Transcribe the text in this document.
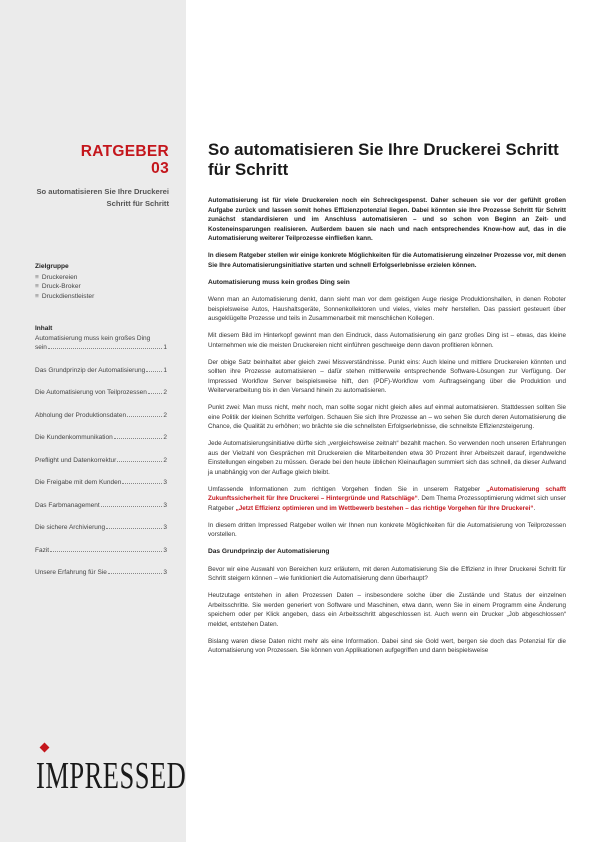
RATGEBER
03
So automatisieren Sie Ihre Druckerei Schritt für Schritt
Zielgruppe
≡ Druckereien
≡ Druck-Broker
≡ Druckdienstleister
Inhalt
Automatisierung muss kein großes Ding
sein	1
Das Grundprinzip der Automatisierung	1
Die Automatisierung von Teilprozessen	2
Abholung der Produktionsdaten	2
Die Kundenkommunikation	2
Preflight und Datenkorrektur	2
Die Freigabe mit dem Kunden	3
Das Farbmanagement	3
Die sichere Archivierung	3
Fazit	3
Unsere Erfahrung für Sie	3
IMPRESSED
So automatisieren Sie Ihre Druckerei Schritt für Schritt

Automatisierung ist für viele Druckereien noch ein Schreckgespenst. Daher scheuen sie vor der gefühlt großen Aufgabe zurück und lassen somit hohes Effizienzpotenzial liegen. Dabei könnten sie Ihre Prozesse Schritt für Schritt zunächst standardisieren und im Anschluss automatisieren – und so schon von Beginn an Zeit- und Kosteneinsparungen realisieren. Außerdem bauen sie nach und nach entsprechendes Know-how auf, das in die Automatisierung weiterer Teilprozesse einfließen kann.

In diesem Ratgeber stellen wir einige konkrete Möglichkeiten für die Automatisierung einzelner Prozesse vor, mit denen Sie Ihre Automatisierungsinitiative starten und schnell Erfolgserlebnisse erzielen können.

Automatisierung muss kein großes Ding sein

Wenn man an Automatisierung denkt, dann sieht man vor dem geistigen Auge riesige Produktionshallen, in denen Roboter beispielsweise Autos, Haushaltsgeräte, Sonnenkollektoren und vieles, vieles mehr herstellen. Das passiert gesteuert über ausgeklügelte Prozesse und teils in Zusammenarbeit mit menschlichen Kollegen.

Mit diesem Bild im Hinterkopf gewinnt man den Eindruck, dass Automatisierung ein ganz großes Ding ist – etwas, das kleine Unternehmen wie die meisten Druckereien nicht einführen geschweige denn davon profitieren können.

Der obige Satz beinhaltet aber gleich zwei Missverständnisse. Punkt eins: Auch kleine und mittlere Druckereien könnten und sollten ihre Prozesse automatisieren – dafür stehen mittlerweile entsprechende Software-Lösungen zur Verfügung. Der Impressed Workflow Server beispielsweise hilft, den (PDF)-Workflow vom Auftragseingang über die Produktion und Weiterverarbeitung bis in den Versand hinein zu automatisieren.

Punkt zwei: Man muss nicht, mehr noch, man sollte sogar nicht gleich alles auf einmal automatisieren. Stattdessen sollten Sie eine Politik der kleinen Schritte verfolgen. Schauen Sie sich Ihre Prozesse an – wo sehen Sie durch deren Automatisierung die Chance, die Qualität zu erhöhen; wo brächte sie die schnellsten Erfolgserlebnisse, die schnellste Effizienzsteigerung.

Jede Automatisierungsinitiative dürfte sich „vergleichsweise zeitnah“ bezahlt machen. So verwenden noch unseren Erfahrungen aus der Vielzahl von Gesprächen mit Druckereien die Mitarbeitenden etwa 30 Prozent ihrer Arbeitszeit darauf, irgendwelche Einstellungen eingeben zu müssen. Gerade bei den heute üblichen Kleinauflagen summiert sich das schnell, da dieser Aufwand ja unabhängig von der Auflage gleich bleibt.

Umfassende Informationen zum richtigen Vorgehen finden Sie in unserem Ratgeber „Automatisierung schafft Zukunftssicherheit für Ihre Druckerei – Hintergründe und Ratschläge“. Dem Thema Prozessoptimierung widmet sich unser Ratgeber „Jetzt Effizienz optimieren und im Wettbewerb bestehen – das richtige Vorgehen für Ihre Druckerei“.

In diesem dritten Impressed Ratgeber wollen wir Ihnen nun konkrete Möglichkeiten für die Automatisierung von Teilprozessen vorstellen.

Das Grundprinzip der Automatisierung

Bevor wir eine Auswahl von Bereichen kurz erläutern, mit deren Automatisierung Sie die Effizienz in Ihrer Druckerei Schritt für Schritt steigern können – wie funktioniert die Automatisierung denn überhaupt?

Heutzutage entstehen in allen Prozessen Daten – insbesondere solche über die Zustände und Status der einzelnen Arbeitsschritte. Sie werden generiert von Software und Maschinen, etwa dann, wenn Sie in einem Programm eine Änderung speichern oder per Klick angeben, dass ein Arbeitsschritt abgeschlossen ist. Auch wenn ein Drucker „Job abgeschlossen“ meldet, entstehen Daten.

Bislang waren diese Daten nicht mehr als eine Information. Dabei sind sie Gold wert, bergen sie doch das Potenzial für die Automatisierung von Prozessen. Sie können von Applikationen aufgegriffen und dann beispielsweise
